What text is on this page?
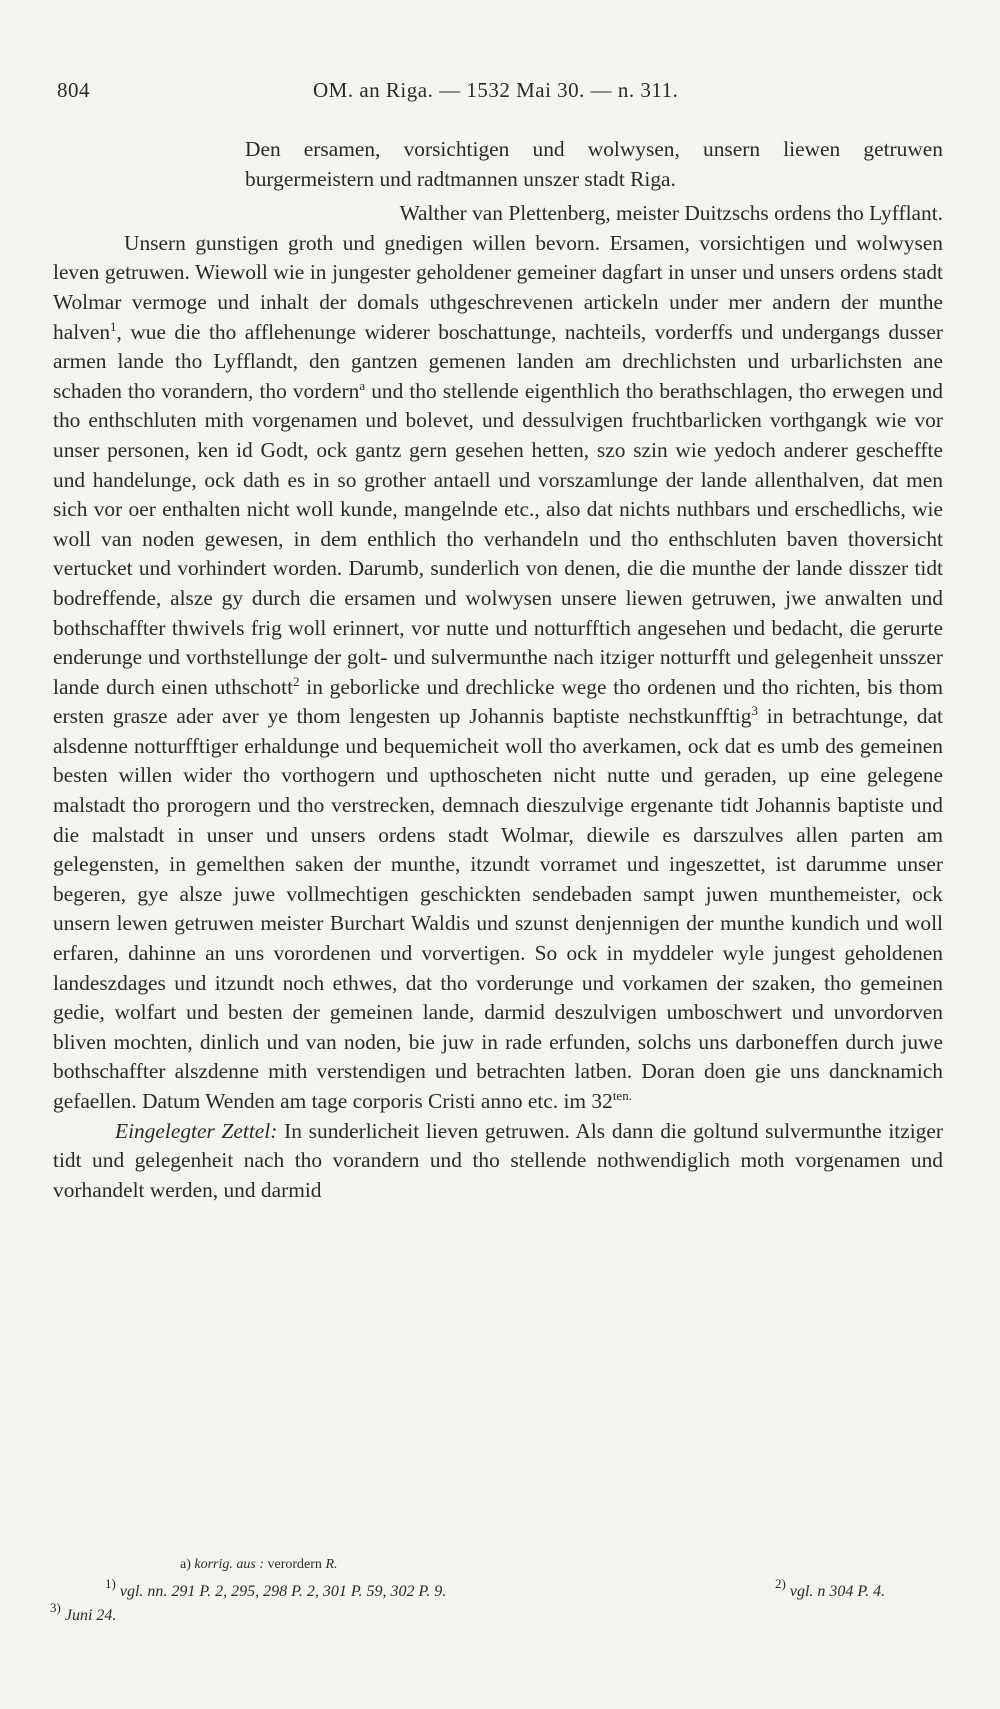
804	OM. an Riga. — 1532 Mai 30. — n. 311.

Den ersamen, vorsichtigen und wolwysen, unsern liewen getruwen burgermeistern und radtmannen unszer stadt Riga.

Walther van Plettenberg, meister Duitzschs ordens tho Lyfflant.

Unsern gunstigen groth und gnedigen willen bevorn. Ersamen, vorsichtigen und wolwysen leven getruwen. Wiewoll wie in jungester geholdener gemeiner dagfart in unser und unsers ordens stadt Wolmar vermoge und inhalt der domals uthgeschrevenen artickeln under mer andern der munthe halven$^1$, wue die tho afflehenunge widerer boschattunge, nachteils, vorderffs und undergangs dusser armen lande tho Lyfflandt, den gantzen gemenen landen am drechlichsten und urbarlichsten ane schaden tho vorandern, tho vordern$^a$ und tho stellende eigenthlich tho berathschlagen, tho erwegen und tho enthschluten mith vorgenamen und bolevet, und dessulvigen fruchtbarlicken vorthgangk wie vor unser personen, ken id Godt, ock gantz gern gesehen hetten, szo szin wie yedoch anderer gescheffte und handelunge, ock dath es in so grother antaell und vorszamlunge der lande allenthalven, dat men sich vor oer enthalten nicht woll kunde, mangelnde etc., also dat nichts nuthbars und erschedlichs, wie woll van noden gewesen, in dem enthlich tho verhandeln und tho enthschluten baven thoversicht vertucket und vorhindert worden. Darumb, sunderlich von denen, die die munthe der lande disszer tidt bodreffende, alsze gy durch die ersamen und wolwysen unsere liewen getruwen, jwe anwalten und bothschaffter thwivels frig woll erinnert, vor nutte und notturfftich angesehen und bedacht, die gerurte enderunge und vorthstellunge der golt- und sulvermunthe nach itziger notturfft und gelegenheit unsszer lande durch einen uthschott$^2$ in geborlicke und drechlicke wege tho ordenen und tho richten, bis thom ersten grasze ader aver ye thom lengesten up Johannis baptiste nechstkunfftig$^3$ in betrachtunge, dat alsdenne notturfftiger erhaldunge und bequemicheit woll tho averkamen, ock dat es umb des gemeinen besten willen wider tho vorthogern und upthoscheten nicht nutte und geraden, up eine gelegene malstadt tho prorogern und tho verstrecken, demnach dieszulvige ergenante tidt Johannis baptiste und die malstadt in unser und unsers ordens stadt Wolmar, diewile es darszulves allen parten am gelegensten, in gemelthen saken der munthe, itzundt vorramet und ingeszettet, ist darumme unser begeren, gye alsze juwe vollmechtigen geschickten sendebaden sampt juwen munthemeister, ock unsern lewen getruwen meister Burchart Waldis und szunst denjennigen der munthe kundich und woll erfaren, dahinne an uns vorordenen und vorvertigen. So ock in myddeler wyle jungest geholdenen landeszdages und itzundt noch ethwes, dat tho vorderunge und vorkamen der szaken, tho gemeinen gedie, wolfart und besten der gemeinen lande, darmid deszulvigen umboschwert und unvordorven bliven mochten, dinlich und van noden, bie juw in rade erfunden, solchs uns darboneffen durch juwe bothschaffter alszdenne mith verstendigen und betrachten latben. Doran doen gie uns dancknamich gefaellen. Datum Wenden am tage corporis Cristi anno etc. im $32^{ten.}$

Eingelegter Zettel: In sunderlicheit lieven getruwen. Als dann die goltund sulvermunthe itziger tidt und gelegenheit nach tho vorandern und tho stellende nothwendiglich moth vorgenamen und vorhandelt werden, und darmid

a) korrig. aus : verordern R.
$^{1)}$ vgl. nn. 291 P. 2, 295, 298 P. 2, 301 P. 59, 302 P. 9.	$^{2)}$ vgl. n 304 P. 4.
$^{3)}$ Juni 24.
